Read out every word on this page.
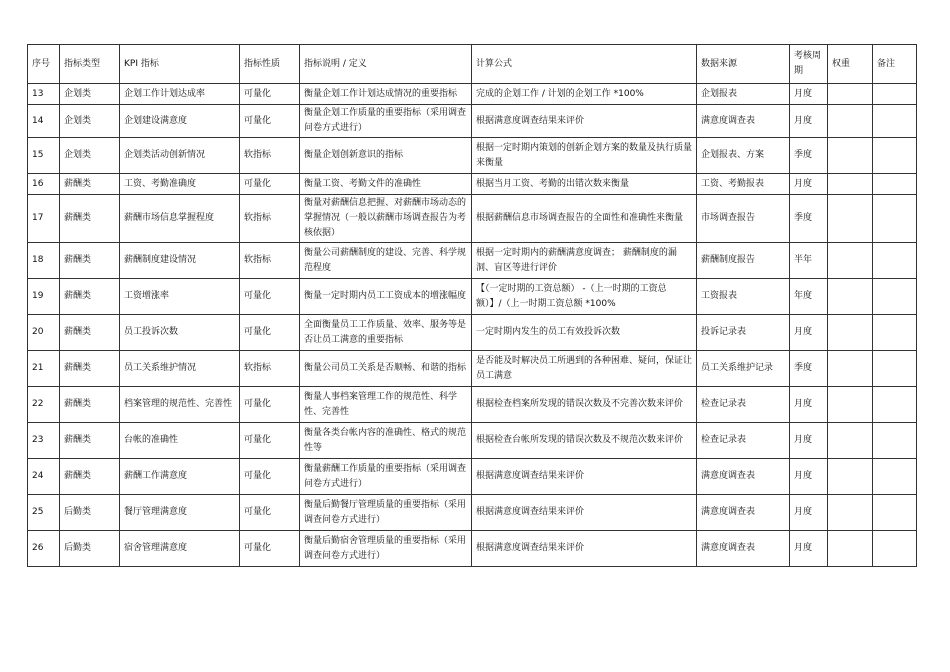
序号	指标类型	KPI 指标	指标性质	指标说明 / 定义	计算公式	数据来源	考核周期	权重	备注
13	企划类	企划工作计划达成率	可量化	衡量企划工作计划达成情况的重要指标	完成的企划工作 / 计划的企划工作 *100%	企划报表	月度		
14	企划类	企划建设满意度	可量化	衡量企划工作质量的重要指标（采用调查问卷方式进行）	根据满意度调查结果来评价	满意度调查表	月度		
15	企划类	企划类活动创新情况	软指标	衡量企划创新意识的指标	根据一定时期内策划的创新企划方案的数量及执行质量来衡量	企划报表、方案	季度		
16	薪酬类	工资、考勤准确度	可量化	衡量工资、考勤文件的准确性	根据当月工资、考勤的出错次数来衡量	工资、考勤报表	月度		
17	薪酬类	薪酬市场信息掌握程度	软指标	衡量对薪酬信息把握、对薪酬市场动态的掌握情况（一般以薪酬市场调查报告为考核依据）	根据薪酬信息市场调查报告的全面性和准确性来衡量	市场调查报告	季度		
18	薪酬类	薪酬制度建设情况	软指标	衡量公司薪酬制度的建设、完善、科学规范程度	根据一定时期内的薪酬满意度调查； 薪酬制度的漏洞、盲区等进行评价	薪酬制度报告	半年		
19	薪酬类	工资增涨率	可量化	衡量一定时期内员工工资成本的增涨幅度	【（一定时期的工资总额） -（上一时期的工资总额）】/（上一时期工资总额 *100%	工资报表	年度		
20	薪酬类	员工投诉次数	可量化	全面衡量员工工作质量、效率、服务等是否让员工满意的重要指标	一定时期内发生的员工有效投诉次数	投诉记录表	月度		
21	薪酬类	员工关系维护情况	软指标	衡量公司员工关系是否顺畅、和谐的指标	是否能及时解决员工所遇到的各种困难、疑问，保证让员工满意	员工关系维护记录	季度		
22	薪酬类	档案管理的规范性、完善性	可量化	衡量人事档案管理工作的规范性、科学性、完善性	根据检查档案所发现的错误次数及不完善次数来评价	检查记录表	月度		
23	薪酬类	台帐的准确性	可量化	衡量各类台帐内容的准确性、格式的规范性等	根据检查台帐所发现的错误次数及不规范次数来评价	检查记录表	月度		
24	薪酬类	薪酬工作满意度	可量化	衡量薪酬工作质量的重要指标（采用调查问卷方式进行）	根据满意度调查结果来评价	满意度调查表	月度		
25	后勤类	餐厅管理满意度	可量化	衡量后勤餐厅管理质量的重要指标（采用调查问卷方式进行）	根据满意度调查结果来评价	满意度调查表	月度		
26	后勤类	宿舍管理满意度	可量化	衡量后勤宿舍管理质量的重要指标（采用调查问卷方式进行）	根据满意度调查结果来评价	满意度调查表	月度		
